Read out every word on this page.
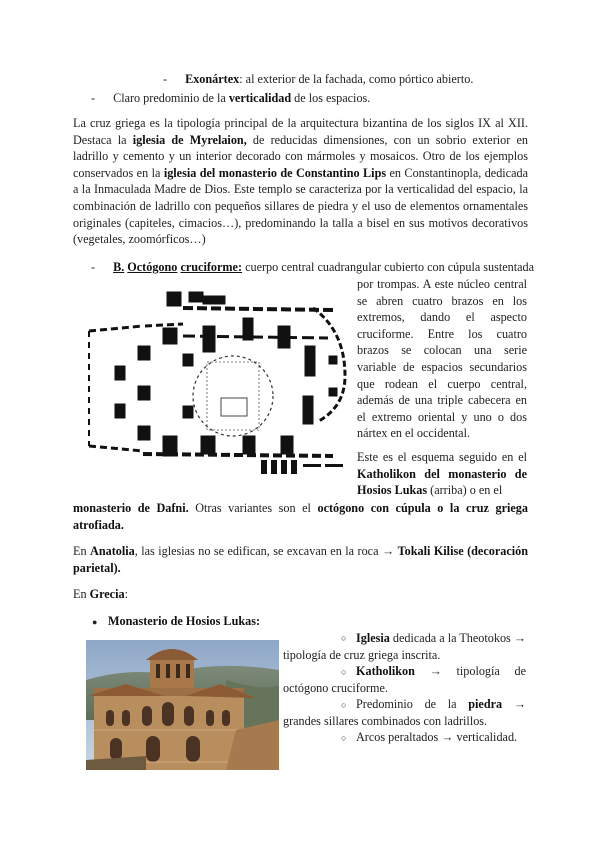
- Exonártex: al exterior de la fachada, como pórtico abierto.
- Claro predominio de la verticalidad de los espacios.
La cruz griega es la tipología principal de la arquitectura bizantina de los siglos IX al XII. Destaca la iglesia de Myrelaion, de reducidas dimensiones, con un sobrio exterior en ladrillo y cemento y un interior decorado con mármoles y mosaicos. Otro de los ejemplos conservados en la iglesia del monasterio de Constantino Lips en Constantinopla, dedicada a la Inmaculada Madre de Dios. Este templo se caracteriza por la verticalidad del espacio, la combinación de ladrillo con pequeños sillares de piedra y el uso de elementos ornamentales originales (capiteles, cimacios…), predominando la talla a bisel en sus motivos decorativos (vegetales, zoomórficos…)
- B. Octógono cruciforme: cuerpo central cuadrangular cubierto con cúpula sustentada
por trompas. A este núcleo central se abren cuatro brazos en los extremos, dando el aspecto cruciforme. Entre los cuatro brazos se colocan una serie variable de espacios secundarios que rodean el cuerpo central, además de una triple cabecera en el extremo oriental y uno o dos nártex en el occidental.
Este es el esquema seguido en el Katholikon del monasterio de Hosios Lukas (arriba) o en el
monasterio de Dafni. Otras variantes son el octógono con cúpula o la cruz griega atrofiada.
En Anatolia, las iglesias no se edifican, se excavan en la roca → Tokali Kilise (decoración parietal).
En Grecia:
● Monasterio de Hosios Lukas:
○ Iglesia dedicada a la Theotokos →
tipología de cruz griega inscrita.
○ Katholikon → tipología de
octógono cruciforme.
○ Predominio de la piedra →
grandes sillares combinados con ladrillos.
○ Arcos peraltados → verticalidad.
